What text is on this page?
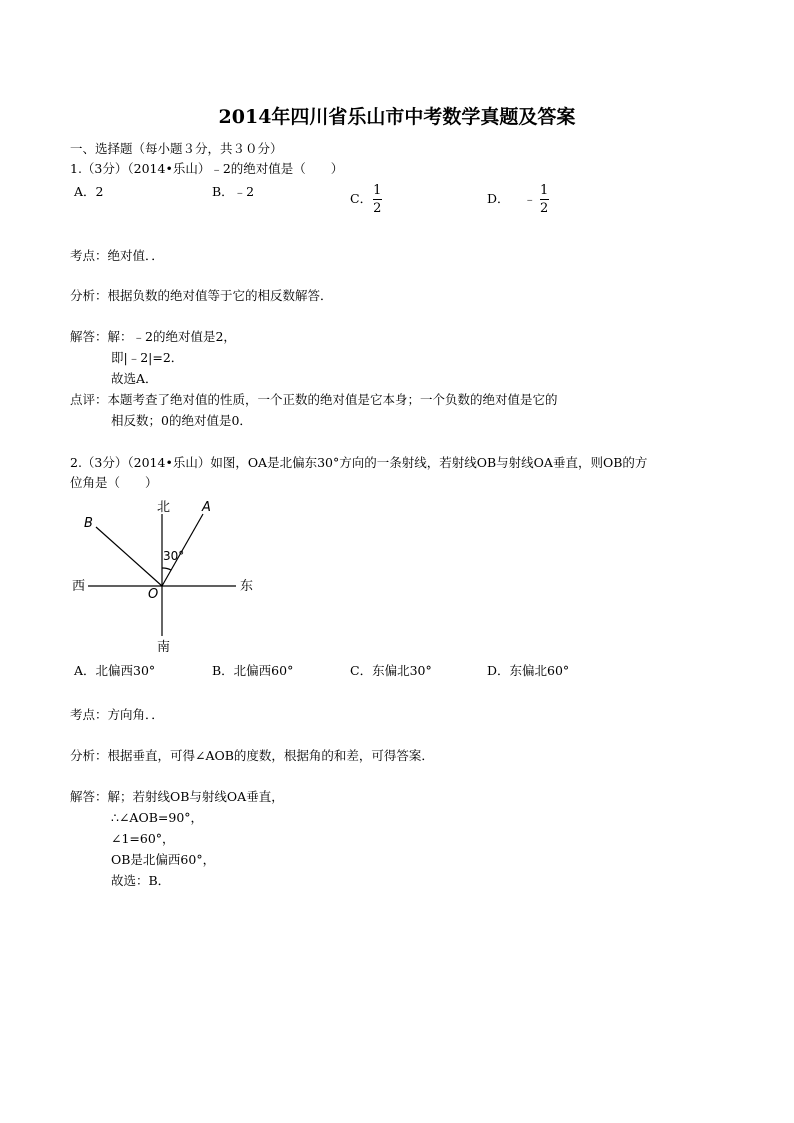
2014年四川省乐山市中考数学真题及答案
一、选择题（每小题３分，共３０分）
1.（3分）（2014•乐山）﹣2的绝对值是（　　）
A．2	B．﹣2	C． $\frac{1}{2}$	D． ﹣ $\frac{1}{2}$
考点：绝对值．．
分析：根据负数的绝对值等于它的相反数解答．
解答：解：﹣2的绝对值是2，
即|﹣2|=2．
故选A．
点评：本题考查了绝对值的性质，一个正数的绝对值是它本身；一个负数的绝对值是它的
相反数；0的绝对值是0．
2.（3分）（2014•乐山）如图，OA是北偏东30°方向的一条射线，若射线OB与射线OA垂直，则OB的方
位角是（　　）
北
南
西	东
A
B
O
30°
A．北偏西30°	B．北偏西60°	C．东偏北30°	D．东偏北60°
考点：方向角．．
分析：根据垂直，可得∠AOB的度数，根据角的和差，可得答案．
解答：解；若射线OB与射线OA垂直，
∴∠AOB=90°，
∠1=60°，
OB是北偏西60°，
故选：B．
